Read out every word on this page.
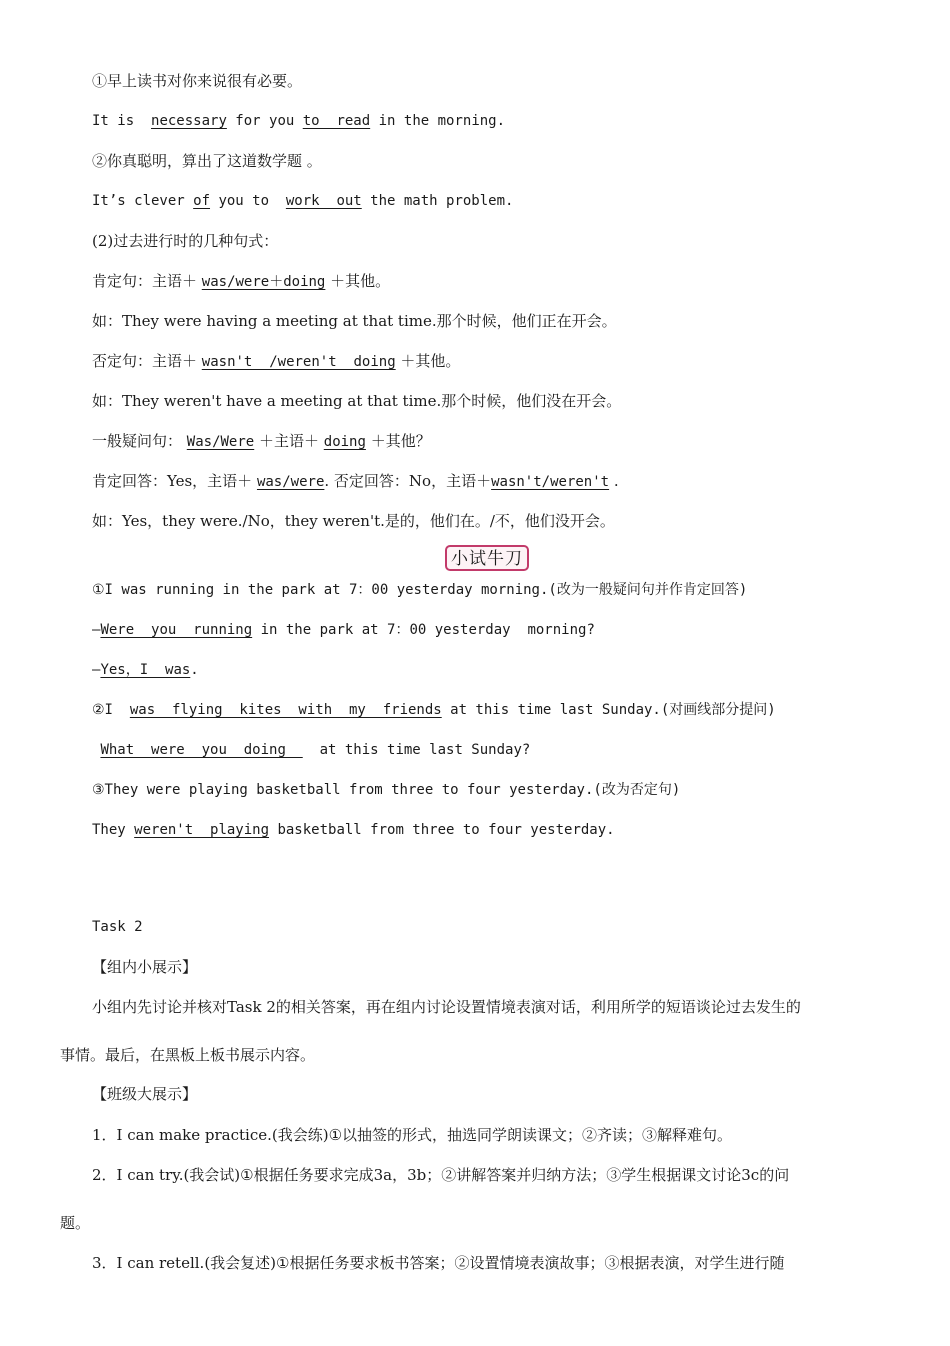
①早上读书对你来说很有必要。
It is  necessary for you to  read in the morning.
②你真聪明，算出了这道数学题 。
It’s clever of you to  work  out the math problem.
(2)过去进行时的几种句式：
肯定句：主语＋ was/were＋doing ＋其他。
如：They were having a meeting at that time.那个时候，他们正在开会。
否定句：主语＋ wasn't  /weren't  doing ＋其他。
如：They weren't have a meeting at that time.那个时候，他们没在开会。
一般疑问句： Was/Were ＋主语＋ doing ＋其他？
肯定回答：Yes，主语＋ was/were. 否定回答：No，主语＋wasn't/weren't .
如：Yes，they were./No，they weren't.是的，他们在。/不，他们没开会。
小试牛刀
①I was running in the park at 7：00 yesterday morning.(改为一般疑问句并作肯定回答)
—Were  you  running in the park at 7：00 yesterday  morning?
—Yes，I  was.
②I  was  flying  kites  with  my  friends at this time last Sunday.(对画线部分提问)
What  were  you  doing    at this time last Sunday?
③They were playing basketball from three to four yesterday.(改为否定句)
They weren't  playing basketball from three to four yesterday.
Task 2
【组内小展示】
小组内先讨论并核对Task 2的相关答案，再在组内讨论设置情境表演对话，利用所学的短语谈论过去发生的
事情。最后，在黑板上板书展示内容。
【班级大展示】
1．I can make practice.(我会练)①以抽签的形式，抽选同学朗读课文；②齐读；③解释难句。
2．I can try.(我会试)①根据任务要求完成3a，3b；②讲解答案并归纳方法；③学生根据课文讨论3c的问
题。
3．I can retell.(我会复述)①根据任务要求板书答案；②设置情境表演故事；③根据表演，对学生进行随
